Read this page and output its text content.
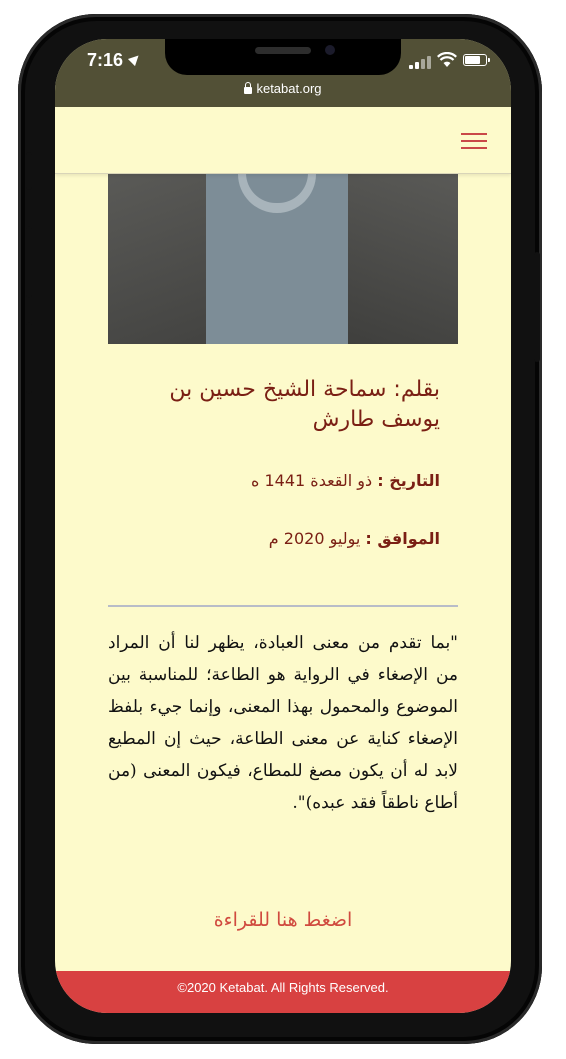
7:16
ketabat.org
بقلم: سماحة الشيخ حسين بن يوسف طارش
التاريخ : ذو القعدة 1441 ه
الموافق : يوليو 2020 م

"بما تقدم من معنى العبادة، يظهر لنا أن المراد من الإصغاء في الرواية هو الطاعة؛ للمناسبة بين الموضوع والمحمول بهذا المعنى، وإنما جيء بلفظ الإصغاء كناية عن معنى الطاعة، حيث إن المطيع لابد له أن يكون مصغ للمطاع، فيكون المعنى (من أطاع ناطقاً فقد عبده)".

اضغط هنا للقراءة
©2020 Ketabat. All Rights Reserved.
